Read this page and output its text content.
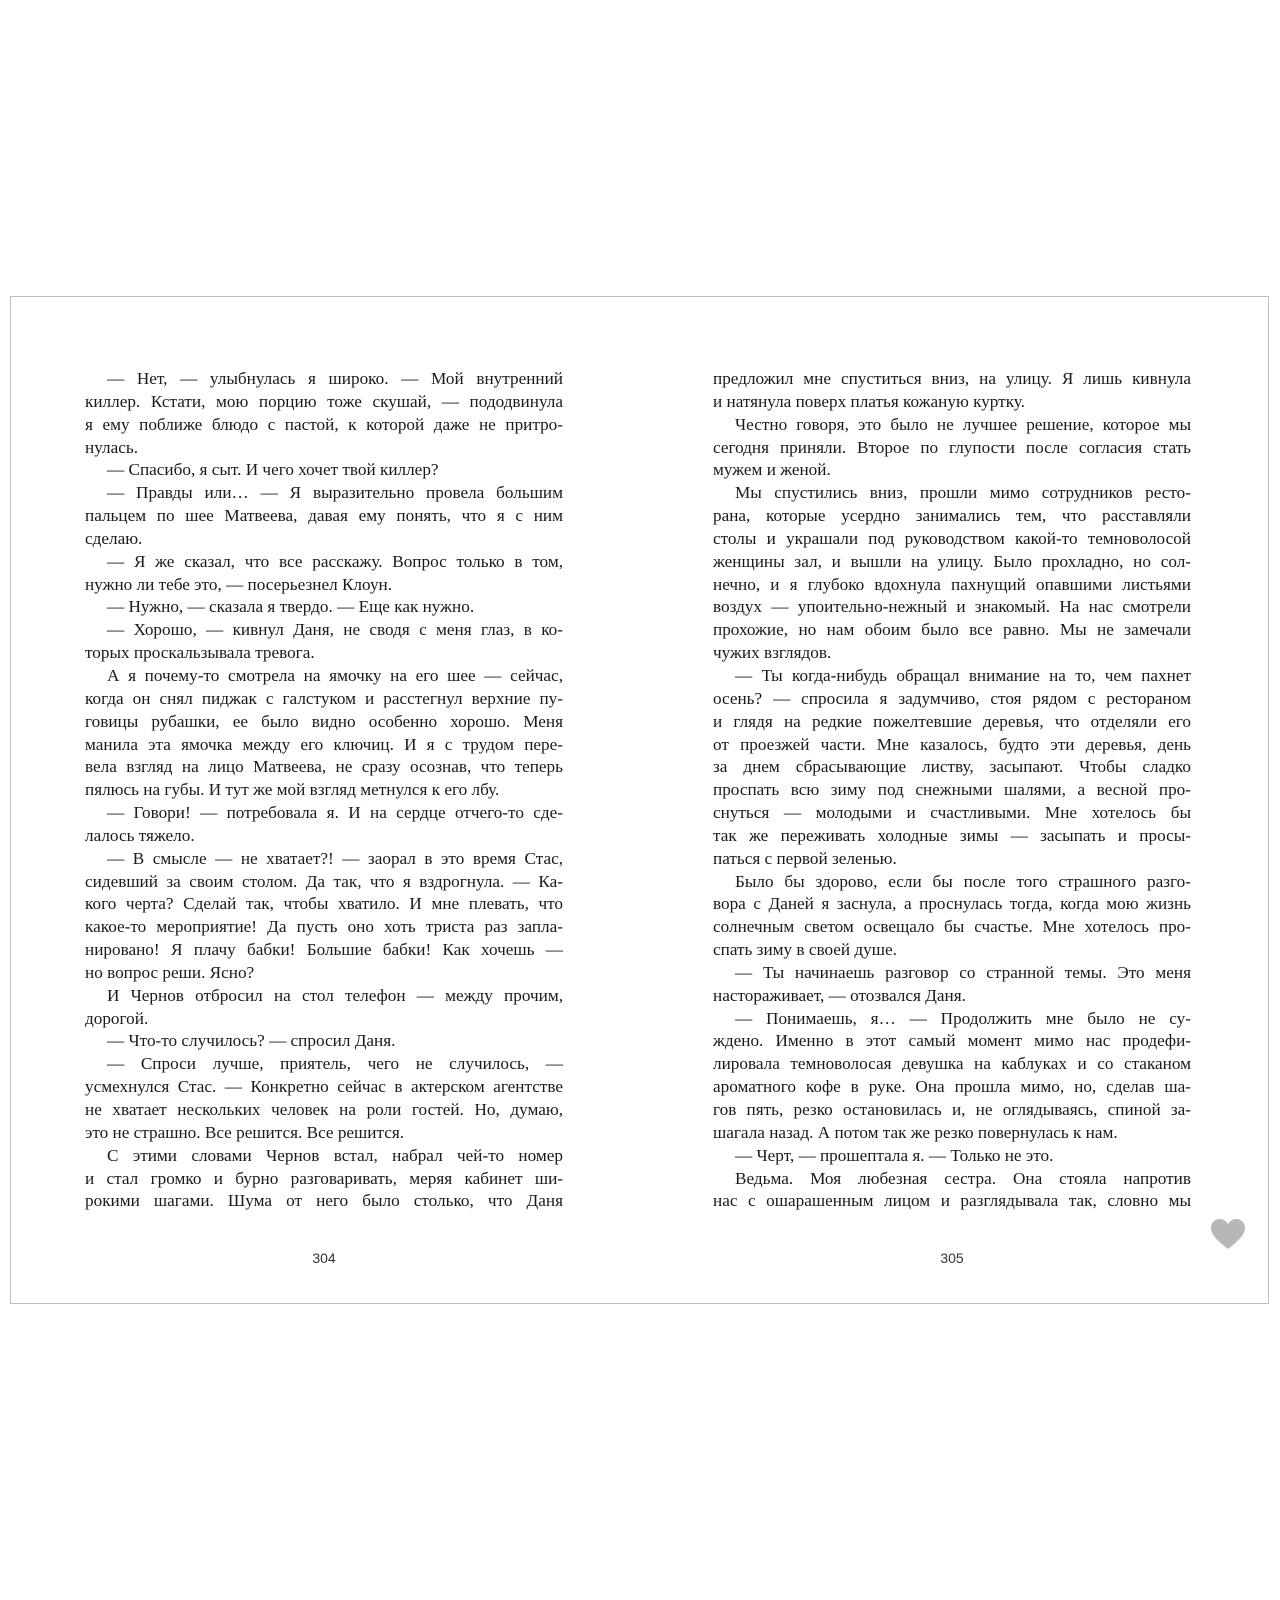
— Нет, — улыбнулась я широко. — Мой внутренний
киллер. Кстати, мою порцию тоже скушай, — пододвинула
я ему поближе блюдо с пастой, к которой даже не притро-
нулась.
— Спасибо, я сыт. И чего хочет твой киллер?
— Правды или… — Я выразительно провела большим
пальцем по шее Матвеева, давая ему понять, что я с ним
сделаю.
— Я же сказал, что все расскажу. Вопрос только в том,
нужно ли тебе это, — посерьезнел Клоун.
— Нужно, — сказала я твердо. — Еще как нужно.
— Хорошо, — кивнул Даня, не сводя с меня глаз, в ко-
торых проскальзывала тревога.
А я почему-то смотрела на ямочку на его шее — сейчас,
когда он снял пиджак с галстуком и расстегнул верхние пу-
говицы рубашки, ее было видно особенно хорошо. Меня
манила эта ямочка между его ключиц. И я с трудом пере-
вела взгляд на лицо Матвеева, не сразу осознав, что теперь
пялюсь на губы. И тут же мой взгляд метнулся к его лбу.
— Говори! — потребовала я. И на сердце отчего-то сде-
лалось тяжело.
— В смысле — не хватает?! — заорал в это время Стас,
сидевший за своим столом. Да так, что я вздрогнула. — Ка-
кого черта? Сделай так, чтобы хватило. И мне плевать, что
какое-то мероприятие! Да пусть оно хоть триста раз запла-
нировано! Я плачу бабки! Большие бабки! Как хочешь —
но вопрос реши. Ясно?
И Чернов отбросил на стол телефон — между прочим,
дорогой.
— Что-то случилось? — спросил Даня.
— Спроси лучше, приятель, чего не случилось, —
усмехнулся Стас. — Конкретно сейчас в актерском агентстве
не хватает нескольких человек на роли гостей. Но, думаю,
это не страшно. Все решится. Все решится.
С этими словами Чернов встал, набрал чей-то номер
и стал громко и бурно разговаривать, меряя кабинет ши-
рокими шагами. Шума от него было столько, что Даня
предложил мне спуститься вниз, на улицу. Я лишь кивнула
и натянула поверх платья кожаную куртку.
Честно говоря, это было не лучшее решение, которое мы
сегодня приняли. Второе по глупости после согласия стать
мужем и женой.
Мы спустились вниз, прошли мимо сотрудников ресто-
рана, которые усердно занимались тем, что расставляли
столы и украшали под руководством какой-то темноволосой
женщины зал, и вышли на улицу. Было прохладно, но сол-
нечно, и я глубоко вдохнула пахнущий опавшими листьями
воздух — упоительно-нежный и знакомый. На нас смотрели
прохожие, но нам обоим было все равно. Мы не замечали
чужих взглядов.
— Ты когда-нибудь обращал внимание на то, чем пахнет
осень? — спросила я задумчиво, стоя рядом с рестораном
и глядя на редкие пожелтевшие деревья, что отделяли его
от проезжей части. Мне казалось, будто эти деревья, день
за днем сбрасывающие листву, засыпают. Чтобы сладко
проспать всю зиму под снежными шалями, а весной про-
снуться — молодыми и счастливыми. Мне хотелось бы
так же переживать холодные зимы — засыпать и просы-
паться с первой зеленью.
Было бы здорово, если бы после того страшного разго-
вора с Даней я заснула, а проснулась тогда, когда мою жизнь
солнечным светом освещало бы счастье. Мне хотелось про-
спать зиму в своей душе.
— Ты начинаешь разговор со странной темы. Это меня
настораживает, — отозвался Даня.
— Понимаешь, я… — Продолжить мне было не су-
ждено. Именно в этот самый момент мимо нас продефи-
лировала темноволосая девушка на каблуках и со стаканом
ароматного кофе в руке. Она прошла мимо, но, сделав ша-
гов пять, резко остановилась и, не оглядываясь, спиной за-
шагала назад. А потом так же резко повернулась к нам.
— Черт, — прошептала я. — Только не это.
Ведьма. Моя любезная сестра. Она стояла напротив
нас с ошарашенным лицом и разглядывала так, словно мы
304	305
